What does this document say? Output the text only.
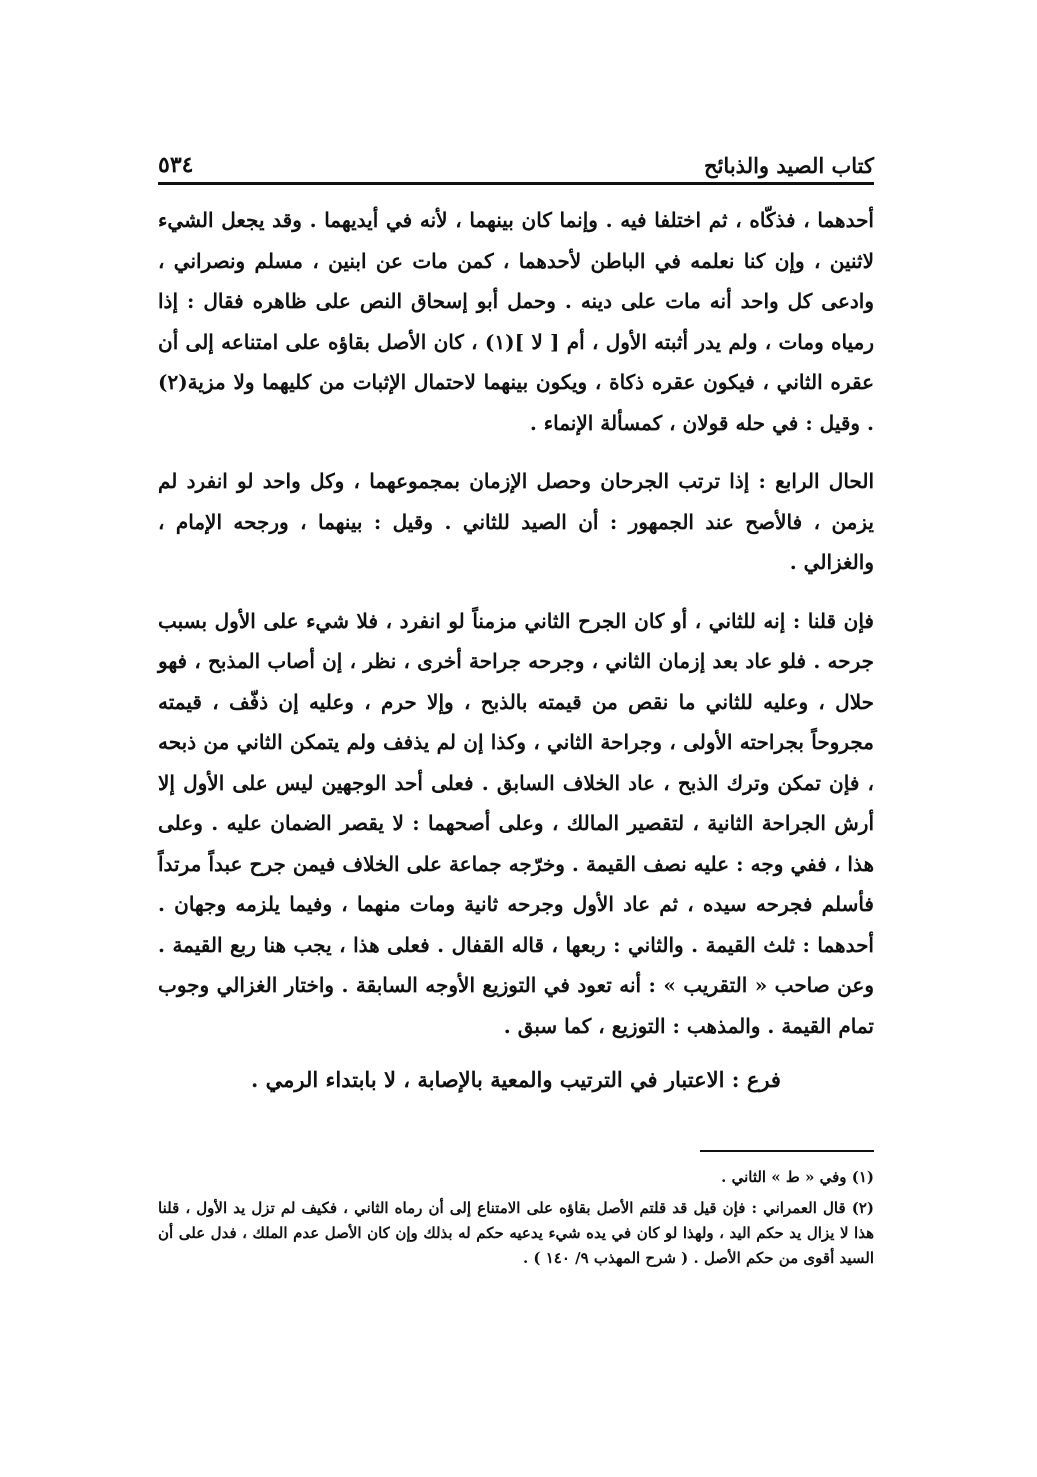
كتاب الصيد والذبائح
٥٣٤

أحدهما ، فذكّاه ، ثم اختلفا فيه . وإنما كان بينهما ، لأنه في أيديهما . وقد يجعل الشيء لاثنين ، وإن كنا نعلمه في الباطن لأحدهما ، كمن مات عن ابنين ، مسلم ونصراني ، وادعى كل واحد أنه مات على دينه . وحمل أبو إسحاق النص على ظاهره فقال : إذا رمياه ومات ، ولم يدر أثبته الأول ، أم [ لا ](١) ، كان الأصل بقاؤه على امتناعه إلى أن عقره الثاني ، فيكون عقره ذكاة ، ويكون بينهما لاحتمال الإثبات من كليهما ولا مزية(٢) . وقيل : في حله قولان ، كمسألة الإنماء .

الحال الرابع : إذا ترتب الجرحان وحصل الإزمان بمجموعهما ، وكل واحد لو انفرد لم يزمن ، فالأصح عند الجمهور : أن الصيد للثاني . وقيل : بينهما ، ورجحه الإمام ، والغزالي .

فإن قلنا : إنه للثاني ، أو كان الجرح الثاني مزمناً لو انفرد ، فلا شيء على الأول بسبب جرحه . فلو عاد بعد إزمان الثاني ، وجرحه جراحة أخرى ، نظر ، إن أصاب المذبح ، فهو حلال ، وعليه للثاني ما نقص من قيمته بالذبح ، وإلا حرم ، وعليه إن ذفّف ، قيمته مجروحاً بجراحته الأولى ، وجراحة الثاني ، وكذا إن لم يذفف ولم يتمكن الثاني من ذبحه ، فإن تمكن وترك الذبح ، عاد الخلاف السابق . فعلى أحد الوجهين ليس على الأول إلا أرش الجراحة الثانية ، لتقصير المالك ، وعلى أصحهما : لا يقصر الضمان عليه . وعلى هذا ، ففي وجه : عليه نصف القيمة . وخرّجه جماعة على الخلاف فيمن جرح عبداً مرتداً فأسلم فجرحه سيده ، ثم عاد الأول وجرحه ثانية ومات منهما ، وفيما يلزمه وجهان . أحدهما : ثلث القيمة . والثاني : ربعها ، قاله القفال . فعلى هذا ، يجب هنا ربع القيمة . وعن صاحب « التقريب » : أنه تعود في التوزيع الأوجه السابقة . واختار الغزالي وجوب تمام القيمة . والمذهب : التوزيع ، كما سبق .

فرع : الاعتبار في الترتيب والمعية بالإصابة ، لا بابتداء الرمي .

(١) وفي « ط » الثاني .

(٢) قال العمراني : فإن قيل قد قلتم الأصل بقاؤه على الامتناع إلى أن رماه الثاني ، فكيف لم تزل يد الأول ، قلنا هذا لا يزال يد حكم اليد ، ولهذا لو كان في يده شيء يدعيه حكم له بذلك وإن كان الأصل عدم الملك ، فدل على أن السيد أقوى من حكم الأصل . ( شرح المهذب ٩/ ١٤٠ ) .
